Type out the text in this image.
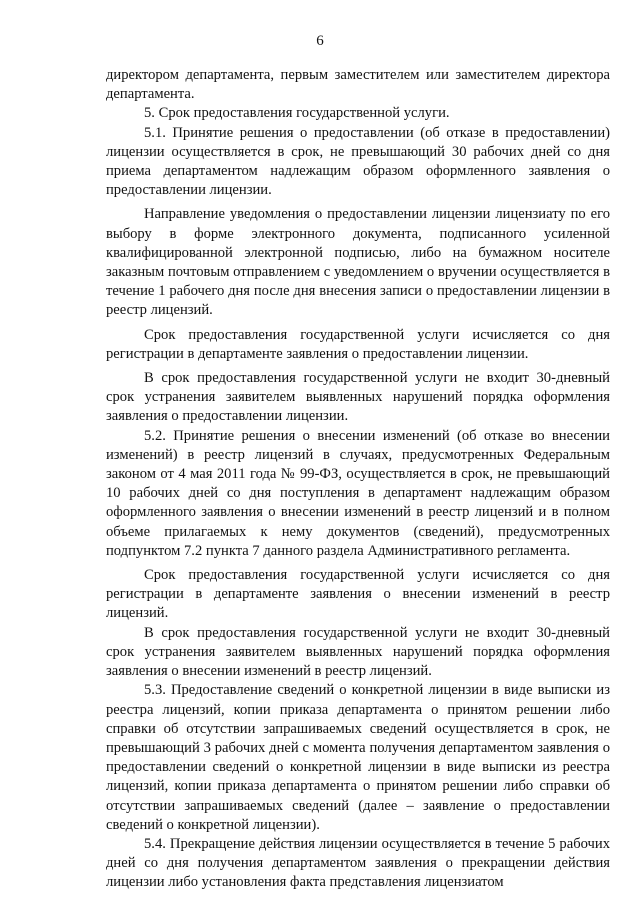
6

директором департамента, первым заместителем или заместителем директора департамента.

5. Срок предоставления государственной услуги.

5.1. Принятие решения о предоставлении (об отказе в предоставлении) лицензии осуществляется в срок, не превышающий 30 рабочих дней со дня приема департаментом надлежащим образом оформленного заявления о предоставлении лицензии.

Направление уведомления о предоставлении лицензии лицензиату по его выбору в форме электронного документа, подписанного усиленной квалифицированной электронной подписью, либо на бумажном носителе заказным почтовым отправлением с уведомлением о вручении осуществляется в течение 1 рабочего дня после дня внесения записи о предоставлении лицензии в реестр лицензий.

Срок предоставления государственной услуги исчисляется со дня регистрации в департаменте заявления о предоставлении лицензии.

В срок предоставления государственной услуги не входит 30-дневный срок устранения заявителем выявленных нарушений порядка оформления заявления о предоставлении лицензии.

5.2. Принятие решения о внесении изменений (об отказе во внесении изменений) в реестр лицензий в случаях, предусмотренных Федеральным законом от 4 мая 2011 года № 99-ФЗ, осуществляется в срок, не превышающий 10 рабочих дней со дня поступления в департамент надлежащим образом оформленного заявления о внесении изменений в реестр лицензий и в полном объеме прилагаемых к нему документов (сведений), предусмотренных подпунктом 7.2 пункта 7 данного раздела Административного регламента.

Срок предоставления государственной услуги исчисляется со дня регистрации в департаменте заявления о внесении изменений в реестр лицензий.

В срок предоставления государственной услуги не входит 30-дневный срок устранения заявителем выявленных нарушений порядка оформления заявления о внесении изменений в реестр лицензий.

5.3. Предоставление сведений о конкретной лицензии в виде выписки из реестра лицензий, копии приказа департамента о принятом решении либо справки об отсутствии запрашиваемых сведений осуществляется в срок, не превышающий 3 рабочих дней с момента получения департаментом заявления о предоставлении сведений о конкретной лицензии в виде выписки из реестра лицензий, копии приказа департамента о принятом решении либо справки об отсутствии запрашиваемых сведений (далее – заявление о предоставлении сведений о конкретной лицензии).

5.4. Прекращение действия лицензии осуществляется в течение 5 рабочих дней со дня получения департаментом заявления о прекращении действия лицензии либо установления факта представления лицензиатом
